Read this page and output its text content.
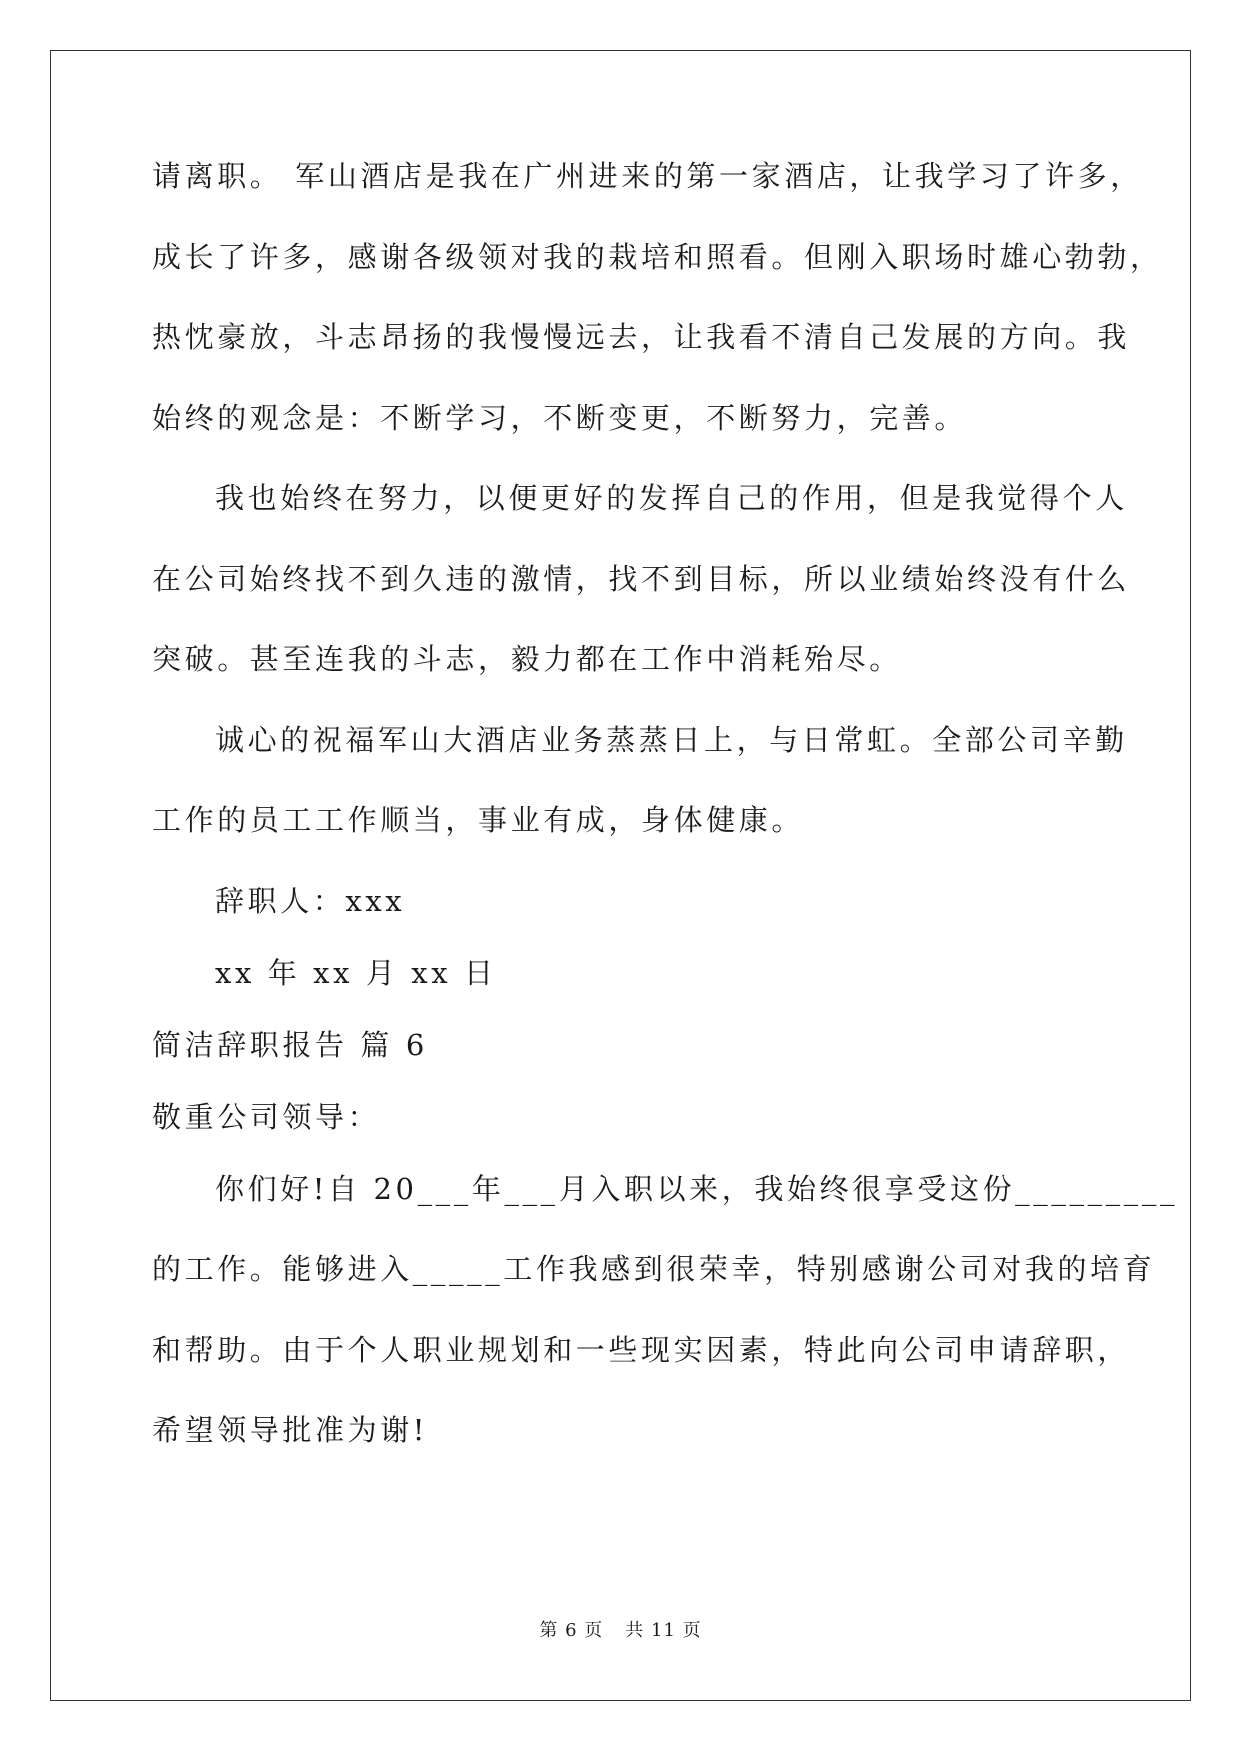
请离职。 军山酒店是我在广州进来的第一家酒店，让我学习了许多，
成长了许多，感谢各级领对我的栽培和照看。但刚入职场时雄心勃勃，
热忱豪放，斗志昂扬的我慢慢远去，让我看不清自己发展的方向。我
始终的观念是：不断学习，不断变更，不断努力，完善。
我也始终在努力，以便更好的发挥自己的作用，但是我觉得个人
在公司始终找不到久违的激情，找不到目标，所以业绩始终没有什么
突破。甚至连我的斗志，毅力都在工作中消耗殆尽。
诚心的祝福军山大酒店业务蒸蒸日上，与日常虹。全部公司辛勤
工作的员工工作顺当，事业有成，身体健康。
辞职人：xxx
xx 年 xx 月 xx 日
简洁辞职报告 篇 6
敬重公司领导：
你们好!自 20___年___月入职以来，我始终很享受这份_________
的工作。能够进入_____工作我感到很荣幸，特别感谢公司对我的培育
和帮助。由于个人职业规划和一些现实因素，特此向公司申请辞职，
希望领导批准为谢!
第 6 页 共 11 页
